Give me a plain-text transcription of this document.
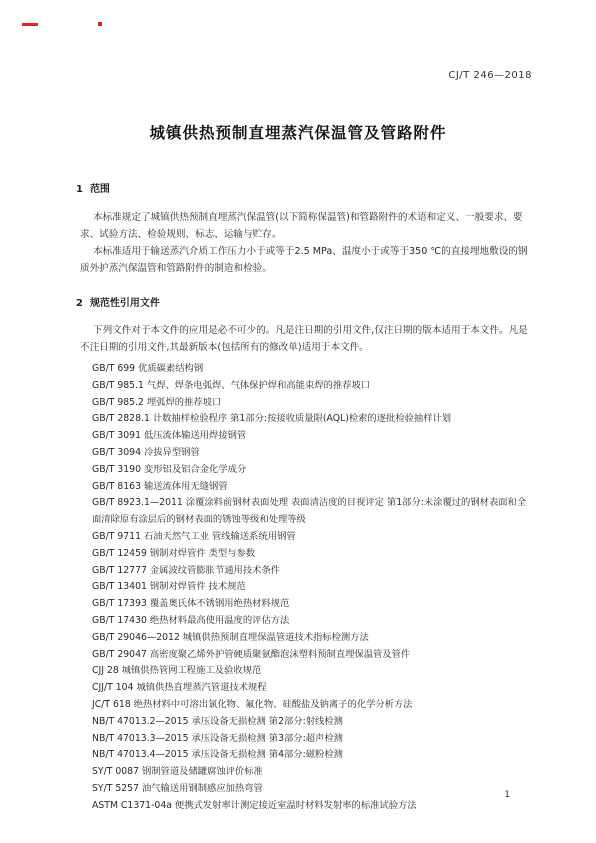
CJ/T 246—2018
城镇供热预制直埋蒸汽保温管及管路附件
1 范围
本标准规定了城镇供热预制直埋蒸汽保温管(以下简称保温管)和管路附件的术语和定义、一般要求、要求、试验方法、检验规则、标志、运输与贮存。
本标准适用于输送蒸汽介质工作压力小于或等于2.5 MPa、温度小于或等于350 ℃的直接埋地敷设的钢质外护蒸汽保温管和管路附件的制造和检验。
2 规范性引用文件
下列文件对于本文件的应用是必不可少的。凡是注日期的引用文件,仅注日期的版本适用于本文件。凡是不注日期的引用文件,其最新版本(包括所有的修改单)适用于本文件。
GB/T 699 优质碳素结构钢
GB/T 985.1 气焊、焊条电弧焊、气体保护焊和高能束焊的推荐坡口
GB/T 985.2 埋弧焊的推荐坡口
GB/T 2828.1 计数抽样检验程序 第1部分:按接收质量限(AQL)检索的逐批检验抽样计划
GB/T 3091 低压流体输送用焊接钢管
GB/T 3094 冷拔异型钢管
GB/T 3190 变形铝及铝合金化学成分
GB/T 8163 输送流体用无缝钢管
GB/T 8923.1—2011 涂覆涂料前钢材表面处理 表面清洁度的目视评定 第1部分:未涂覆过的钢材表面和全面清除原有涂层后的钢材表面的锈蚀等级和处理等级
GB/T 9711 石油天然气工业 管线输送系统用钢管
GB/T 12459 钢制对焊管件 类型与参数
GB/T 12777 金属波纹管膨胀节通用技术条件
GB/T 13401 钢制对焊管件 技术规范
GB/T 17393 覆盖奥氏体不锈钢用绝热材料规范
GB/T 17430 绝热材料最高使用温度的评估方法
GB/T 29046—2012 城镇供热预制直埋保温管道技术指标检测方法
GB/T 29047 高密度聚乙烯外护管硬质聚氨酯泡沫塑料预制直埋保温管及管件
CJJ 28 城镇供热管网工程施工及验收规范
CJJ/T 104 城镇供热直埋蒸汽管道技术规程
JC/T 618 绝热材料中可溶出氯化物、氟化物、硅酸盐及钠离子的化学分析方法
NB/T 47013.2—2015 承压设备无损检测 第2部分:射线检测
NB/T 47013.3—2015 承压设备无损检测 第3部分:超声检测
NB/T 47013.4—2015 承压设备无损检测 第4部分:磁粉检测
SY/T 0087 钢制管道及储罐腐蚀评价标准
SY/T 5257 油气输送用钢制感应加热弯管
ASTM C1371-04a 便携式发射率计测定接近室温时材料发射率的标准试验方法
1
